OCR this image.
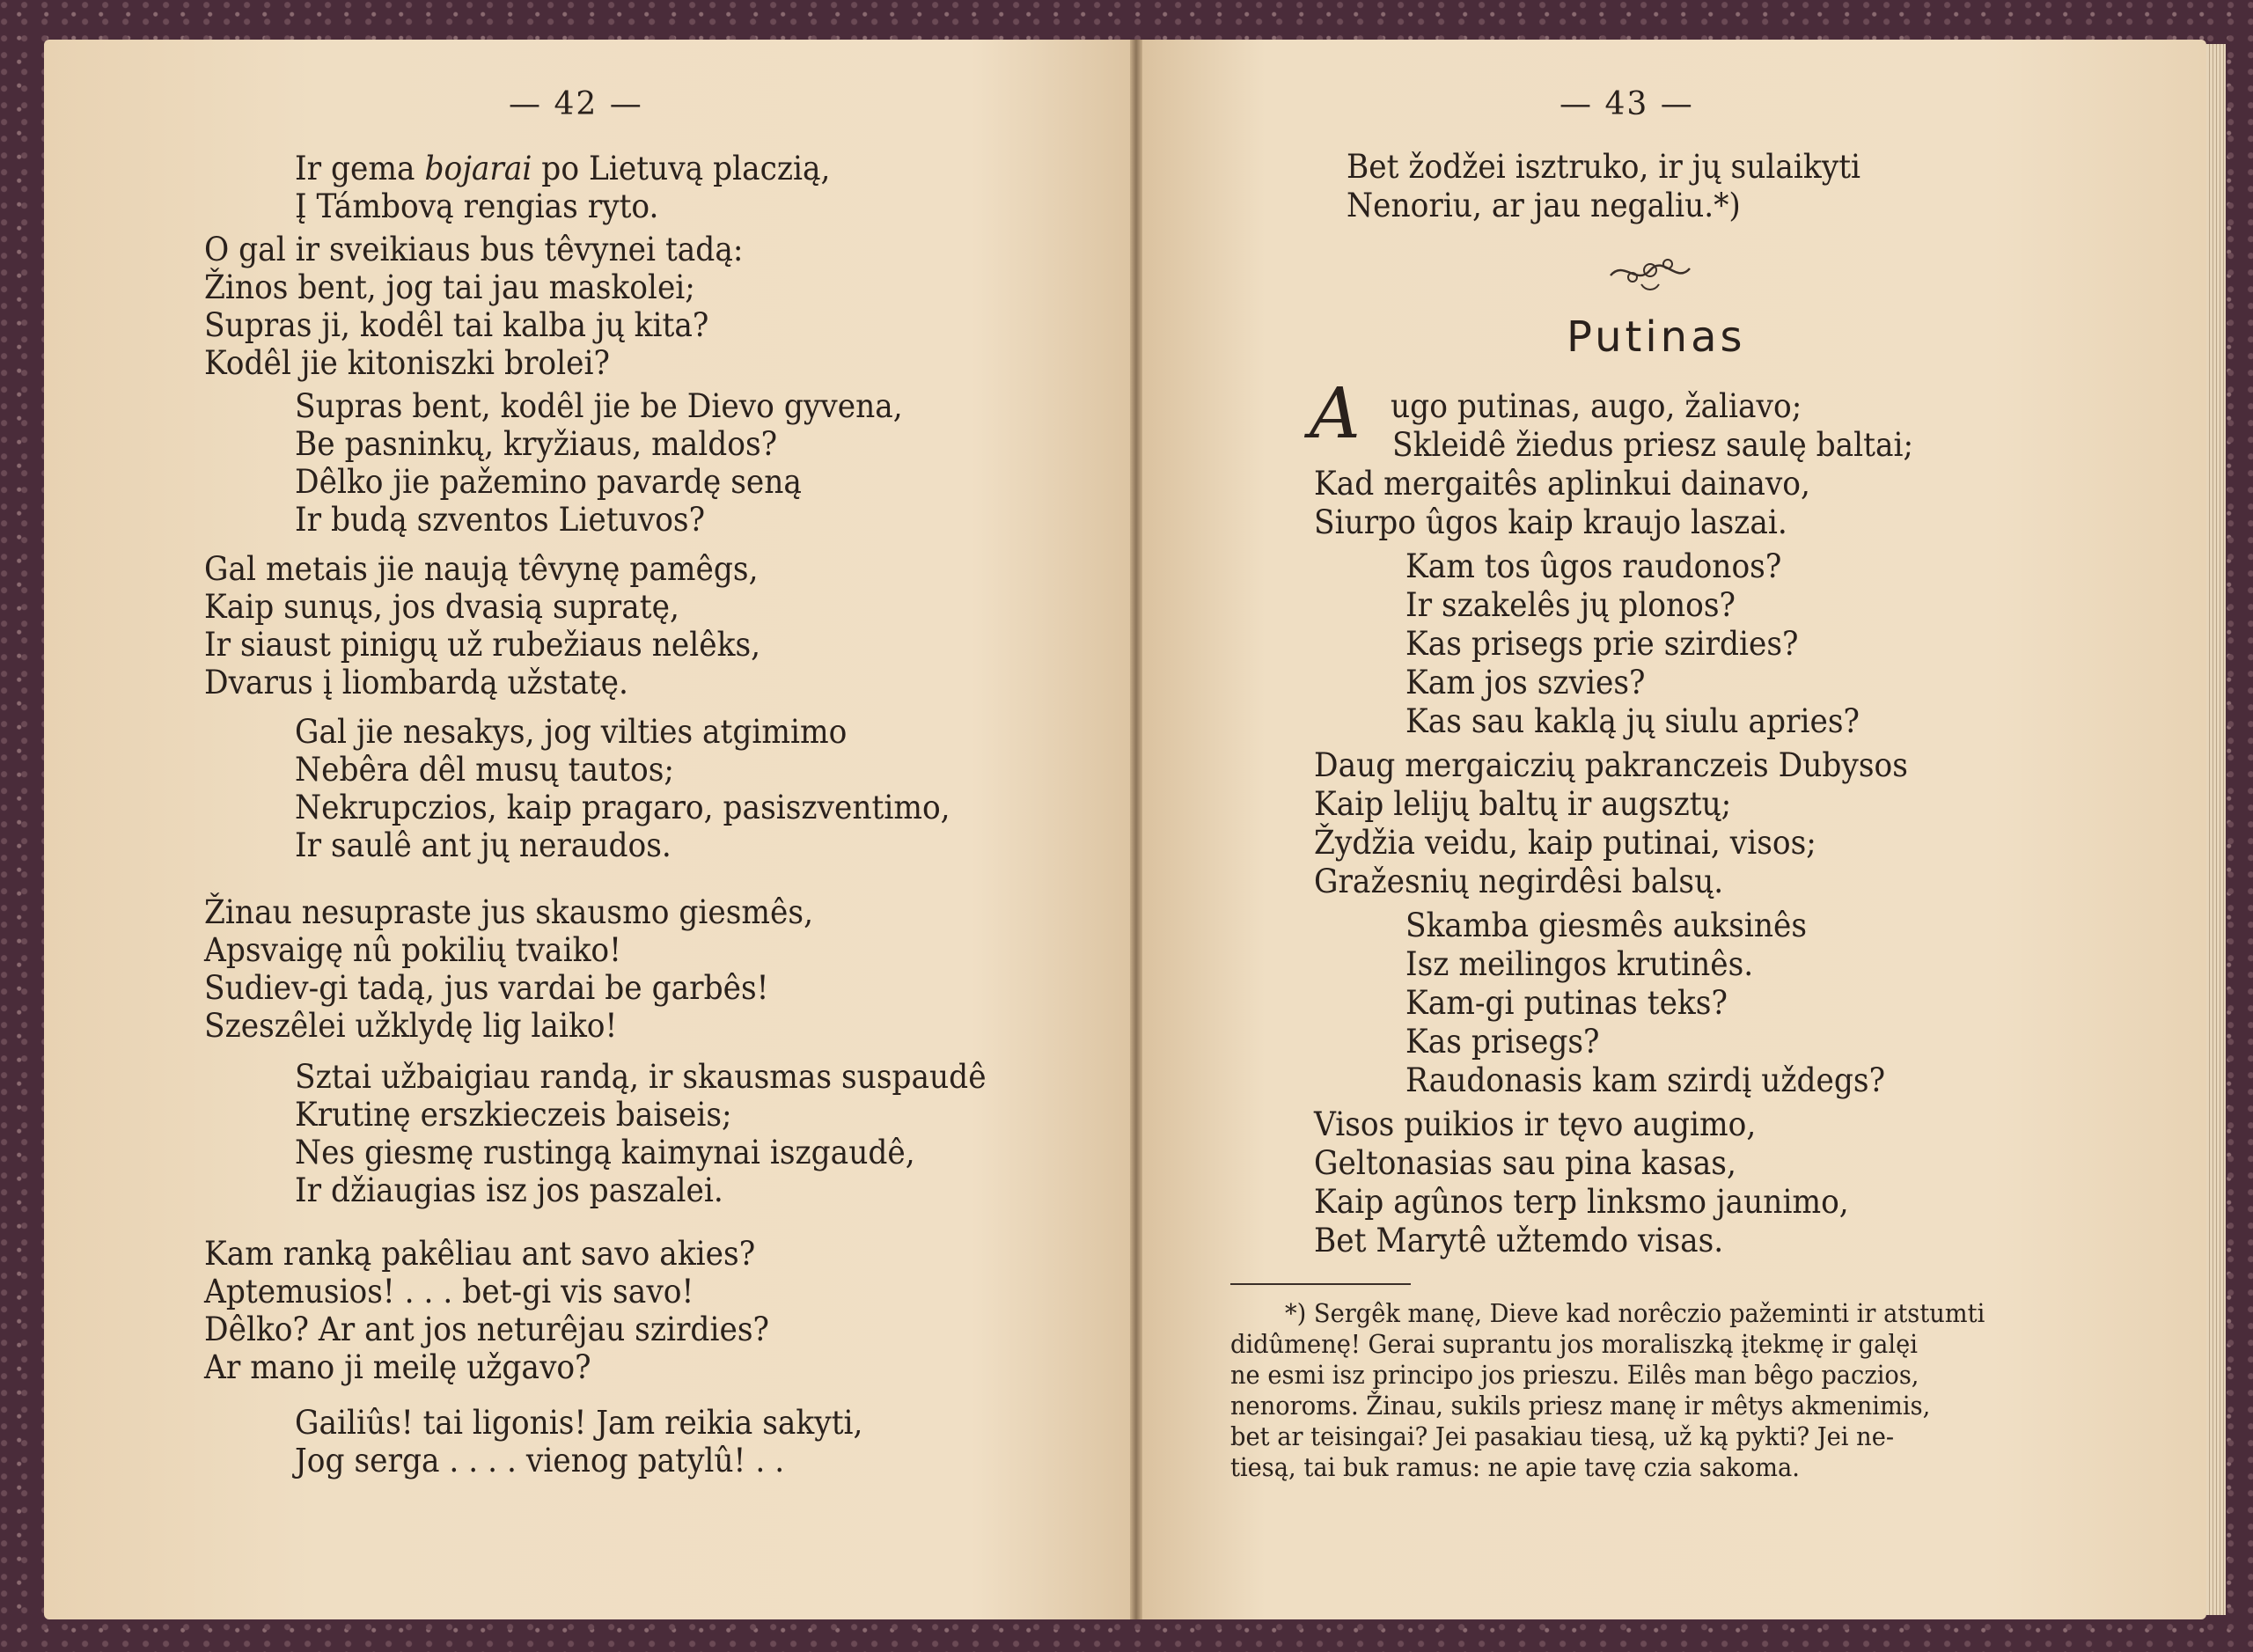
— 42 —	— 43 —
Ir gema bojarai po Lietuvą placzią,
Į Támbovą rengias ryto.
O gal ir sveikiaus bus têvynei tadą:
Žinos bent, jog tai jau maskolei;
Supras ji, kodêl tai kalba jų kita?
Kodêl jie kitoniszki brolei?
Supras bent, kodêl jie be Dievo gyvena,
Be pasninkų, kryžiaus, maldos?
Dêlko jie pažemino pavardę seną
Ir budą szventos Lietuvos?
Gal metais jie naują têvynę pamêgs,
Kaip sunųs, jos dvasią supratę,
Ir siaust pinigų už rubežiaus nelêks,
Dvarus į liombardą užstatę.
Gal jie nesakys, jog vilties atgimimo
Nebêra dêl musų tautos;
Nekrupczios, kaip pragaro, pasiszventimo,
Ir saulê ant jų neraudos.
Žinau nesupraste jus skausmo giesmês,
Apsvaigę nû pokilių tvaiko!
Sudiev-gi tadą, jus vardai be garbês!
Szeszêlei užklydę lig laiko!
Sztai užbaigiau randą, ir skausmas suspaudê
Krutinę erszkieczeis baiseis;
Nes giesmę rustingą kaimynai iszgaudê,
Ir džiaugias isz jos paszalei.
Kam ranką pakêliau ant savo akies?
Aptemusios! . . . bet-gi vis savo!
Dêlko? Ar ant jos neturêjau szirdies?
Ar mano ji meilę užgavo?
Gailiûs! tai ligonis! Jam reikia sakyti,
Jog serga . . . . vienog patylû! . .
Bet žodžei isztruko, ir jų sulaikyti
Nenoriu, ar jau negaliu.*)
Putinas
A ugo putinas, augo, žaliavo;
Skleidê žiedus priesz saulę baltai;
Kad mergaitês aplinkui dainavo,
Siurpo ûgos kaip kraujo laszai.
Kam tos ûgos raudonos?
Ir szakelês jų plonos?
Kas prisegs prie szirdies?
Kam jos szvies?
Kas sau kaklą jų siulu apries?
Daug mergaiczių pakranczeis Dubysos
Kaip lelijų baltų ir augsztų;
Žydžia veidu, kaip putinai, visos;
Gražesnių negirdêsi balsų.
Skamba giesmês auksinês
Isz meilingos krutinês.
Kam-gi putinas teks?
Kas prisegs?
Raudonasis kam szirdį uždegs?
Visos puikios ir tęvo augimo,
Geltonasias sau pina kasas,
Kaip agûnos terp linksmo jaunimo,
Bet Marytê užtemdo visas.
*) Sergêk manę, Dieve kad norêczio pažeminti ir atstumti
didûmenę! Gerai suprantu jos moraliszką įtekmę ir galęi
ne esmi isz principo jos prieszu. Eilês man bêgo paczios,
nenoroms. Žinau, sukils priesz manę ir mêtys akmenimis,
bet ar teisingai? Jei pasakiau tiesą, už ką pykti? Jei ne-
tiesą, tai buk ramus: ne apie tavę czia sakoma.
